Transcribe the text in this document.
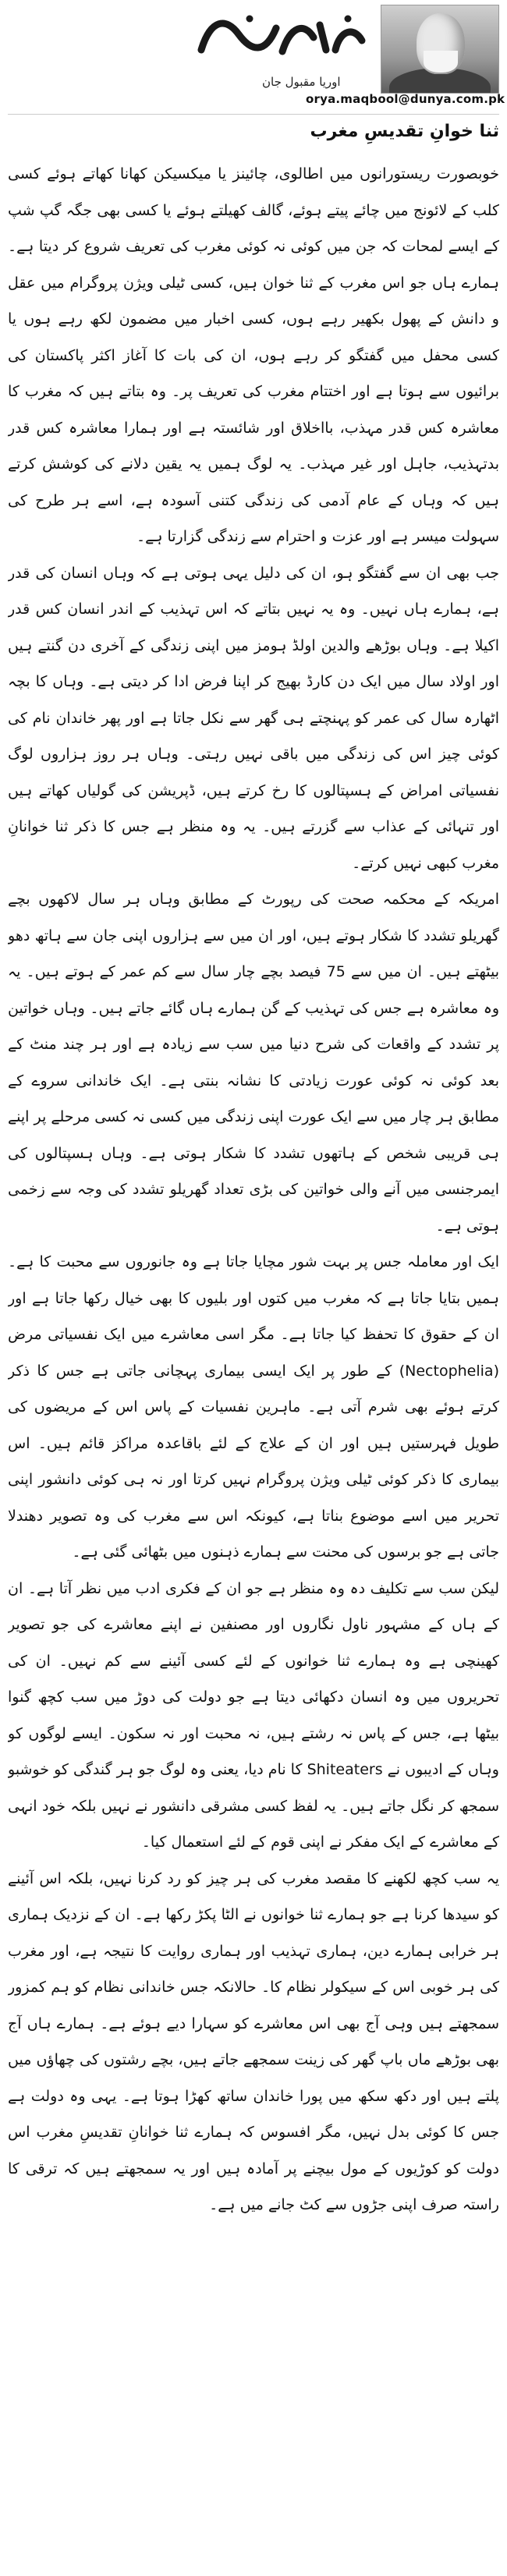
اوریا مقبول جان
orya.maqbool@dunya.com.pk
ثنا خوانِ تقدیسِ مغرب

خوبصورت ریستورانوں میں اطالوی، چائینز یا میکسیکن کھانا کھاتے ہوئے کسی کلب کے لائونج میں چائے پیتے ہوئے، گالف کھیلتے ہوئے یا کسی بھی جگہ گپ شپ کے ایسے لمحات کہ جن میں کوئی نہ کوئی مغرب کی تعریف شروع کر دیتا ہے۔ ہمارے ہاں جو اس مغرب کے ثنا خوان ہیں، کسی ٹیلی ویژن پروگرام میں عقل و دانش کے پھول بکھیر رہے ہوں، کسی اخبار میں مضمون لکھ رہے ہوں یا کسی محفل میں گفتگو کر رہے ہوں، ان کی بات کا آغاز اکثر پاکستان کی برائیوں سے ہوتا ہے اور اختتام مغرب کی تعریف پر۔ وہ بتاتے ہیں کہ مغرب کا معاشرہ کس قدر مہذب، بااخلاق اور شائستہ ہے اور ہمارا معاشرہ کس قدر بدتہذیب، جاہل اور غیر مہذب۔ یہ لوگ ہمیں یہ یقین دلانے کی کوشش کرتے ہیں کہ وہاں کے عام آدمی کی زندگی کتنی آسودہ ہے، اسے ہر طرح کی سہولت میسر ہے اور عزت و احترام سے زندگی گزارتا ہے۔

جب بھی ان سے گفتگو ہو، ان کی دلیل یہی ہوتی ہے کہ وہاں انسان کی قدر ہے، ہمارے ہاں نہیں۔ وہ یہ نہیں بتاتے کہ اس تہذیب کے اندر انسان کس قدر اکیلا ہے۔ وہاں بوڑھے والدین اولڈ ہومز میں اپنی زندگی کے آخری دن گنتے ہیں اور اولاد سال میں ایک دن کارڈ بھیج کر اپنا فرض ادا کر دیتی ہے۔ وہاں کا بچہ اٹھارہ سال کی عمر کو پہنچتے ہی گھر سے نکل جاتا ہے اور پھر خاندان نام کی کوئی چیز اس کی زندگی میں باقی نہیں رہتی۔ وہاں ہر روز ہزاروں لوگ نفسیاتی امراض کے ہسپتالوں کا رخ کرتے ہیں، ڈپریشن کی گولیاں کھاتے ہیں اور تنہائی کے عذاب سے گزرتے ہیں۔ یہ وہ منظر ہے جس کا ذکر ثنا خوانانِ مغرب کبھی نہیں کرتے۔

امریکہ کے محکمہ صحت کی رپورٹ کے مطابق وہاں ہر سال لاکھوں بچے گھریلو تشدد کا شکار ہوتے ہیں، اور ان میں سے ہزاروں اپنی جان سے ہاتھ دھو بیٹھتے ہیں۔ ان میں سے 75 فیصد بچے چار سال سے کم عمر کے ہوتے ہیں۔ یہ وہ معاشرہ ہے جس کی تہذیب کے گن ہمارے ہاں گائے جاتے ہیں۔ وہاں خواتین پر تشدد کے واقعات کی شرح دنیا میں سب سے زیادہ ہے اور ہر چند منٹ کے بعد کوئی نہ کوئی عورت زیادتی کا نشانہ بنتی ہے۔ ایک خاندانی سروے کے مطابق ہر چار میں سے ایک عورت اپنی زندگی میں کسی نہ کسی مرحلے پر اپنے ہی قریبی شخص کے ہاتھوں تشدد کا شکار ہوتی ہے۔ وہاں ہسپتالوں کی ایمرجنسی میں آنے والی خواتین کی بڑی تعداد گھریلو تشدد کی وجہ سے زخمی ہوتی ہے۔

ایک اور معاملہ جس پر بہت شور مچایا جاتا ہے وہ جانوروں سے محبت کا ہے۔ ہمیں بتایا جاتا ہے کہ مغرب میں کتوں اور بلیوں کا بھی خیال رکھا جاتا ہے اور ان کے حقوق کا تحفظ کیا جاتا ہے۔ مگر اسی معاشرے میں ایک نفسیاتی مرض (Nectophelia) کے طور پر ایک ایسی بیماری پہچانی جاتی ہے جس کا ذکر کرتے ہوئے بھی شرم آتی ہے۔ ماہرین نفسیات کے پاس اس کے مریضوں کی طویل فہرستیں ہیں اور ان کے علاج کے لئے باقاعدہ مراکز قائم ہیں۔ اس بیماری کا ذکر کوئی ٹیلی ویژن پروگرام نہیں کرتا اور نہ ہی کوئی دانشور اپنی تحریر میں اسے موضوع بناتا ہے، کیونکہ اس سے مغرب کی وہ تصویر دھندلا جاتی ہے جو برسوں کی محنت سے ہمارے ذہنوں میں بٹھائی گئی ہے۔

لیکن سب سے تکلیف دہ وہ منظر ہے جو ان کے فکری ادب میں نظر آتا ہے۔ ان کے ہاں کے مشہور ناول نگاروں اور مصنفین نے اپنے معاشرے کی جو تصویر کھینچی ہے وہ ہمارے ثنا خوانوں کے لئے کسی آئینے سے کم نہیں۔ ان کی تحریروں میں وہ انسان دکھائی دیتا ہے جو دولت کی دوڑ میں سب کچھ گنوا بیٹھا ہے، جس کے پاس نہ رشتے ہیں، نہ محبت اور نہ سکون۔ ایسے لوگوں کو وہاں کے ادیبوں نے Shiteaters کا نام دیا، یعنی وہ لوگ جو ہر گندگی کو خوشبو سمجھ کر نگل جاتے ہیں۔ یہ لفظ کسی مشرقی دانشور نے نہیں بلکہ خود انہی کے معاشرے کے ایک مفکر نے اپنی قوم کے لئے استعمال کیا۔

یہ سب کچھ لکھنے کا مقصد مغرب کی ہر چیز کو رد کرنا نہیں، بلکہ اس آئینے کو سیدھا کرنا ہے جو ہمارے ثنا خوانوں نے الٹا پکڑ رکھا ہے۔ ان کے نزدیک ہماری ہر خرابی ہمارے دین، ہماری تہذیب اور ہماری روایت کا نتیجہ ہے، اور مغرب کی ہر خوبی اس کے سیکولر نظام کا۔ حالانکہ جس خاندانی نظام کو ہم کمزور سمجھتے ہیں وہی آج بھی اس معاشرے کو سہارا دیے ہوئے ہے۔ ہمارے ہاں آج بھی بوڑھے ماں باپ گھر کی زینت سمجھے جاتے ہیں، بچے رشتوں کی چھاؤں میں پلتے ہیں اور دکھ سکھ میں پورا خاندان ساتھ کھڑا ہوتا ہے۔ یہی وہ دولت ہے جس کا کوئی بدل نہیں، مگر افسوس کہ ہمارے ثنا خوانانِ تقدیسِ مغرب اس دولت کو کوڑیوں کے مول بیچنے پر آمادہ ہیں اور یہ سمجھتے ہیں کہ ترقی کا راستہ صرف اپنی جڑوں سے کٹ جانے میں ہے۔
